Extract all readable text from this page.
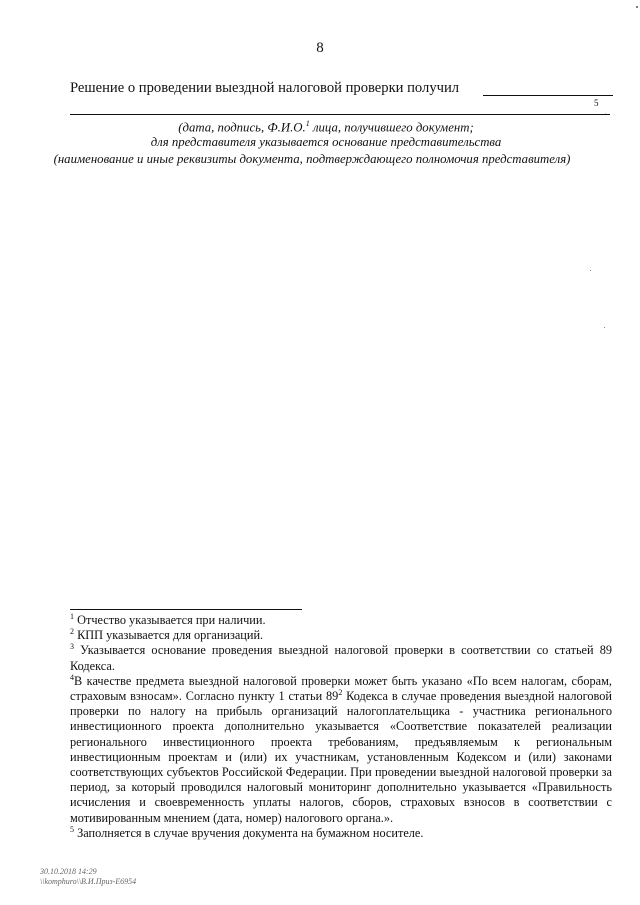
8
Решение о проведении выездной налоговой проверки получил
5
.
(дата, подпись, Ф.И.О.$^1$ лица, получившего документ;
для представителя указывается основание представительства
(наименование и иные реквизиты документа, подтверждающего полномочия представителя)

$^1$ Отчество указывается при наличии.

$^2$ КПП указывается для организаций.

$^3$ Указывается основание проведения выездной налоговой проверки в соответствии со статьей 89 Кодекса.

$^4$В качестве предмета выездной налоговой проверки может быть указано «По всем налогам, сборам, страховым взносам». Согласно пункту 1 статьи $89^2$ Кодекса в случае проведения выездной налоговой проверки по налогу на прибыль организаций налогоплательщика - участника регионального инвестиционного проекта дополнительно указывается «Соответствие показателей реализации регионального инвестиционного проекта требованиям, предъявляемым к региональным инвестиционным проектам и (или) их участникам, установленным Кодексом и (или) законами соответствующих субъектов Российской Федерации. При проведении выездной налоговой проверки за период, за который проводился налоговый мониторинг дополнительно указывается «Правильность исчисления и своевременность уплаты налогов, сборов, страховых взносов в соответствии с мотивированным мнением (дата, номер) налогового органа.».

$^5$ Заполняется в случае вручения документа на бумажном носителе.

30.10.2018 14:29
\\komphuro\\В.И.Приз-Е6954
